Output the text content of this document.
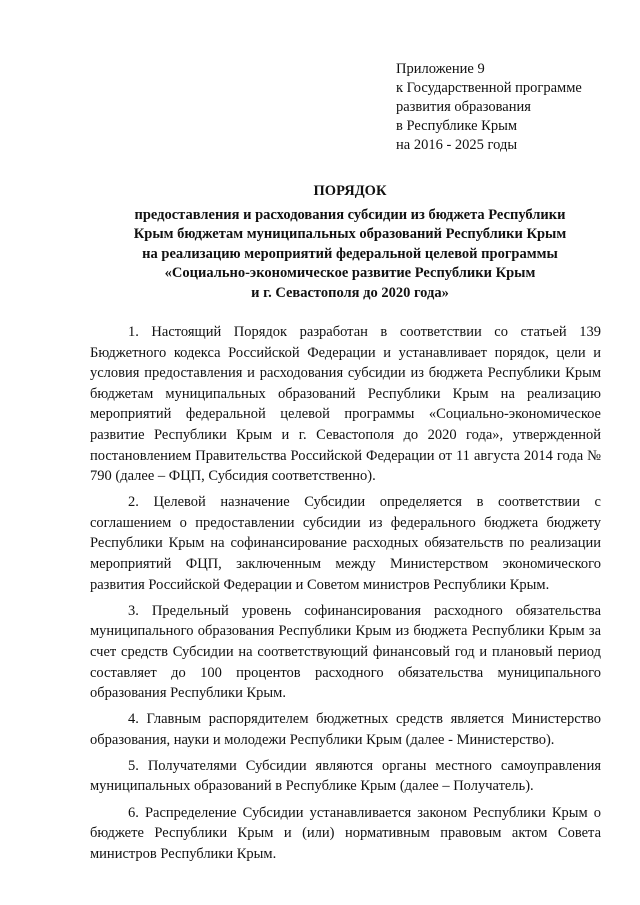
Приложение 9
к Государственной программе
развития образования
в Республике Крым
на 2016 - 2025 годы
ПОРЯДОК
предоставления и расходования субсидии из бюджета Республики
Крым бюджетам муниципальных образований Республики Крым
на реализацию мероприятий федеральной целевой программы
«Социально-экономическое развитие Республики Крым
и г. Севастополя до 2020 года»

1. Настоящий Порядок разработан в соответствии со статьей 139 Бюджетного кодекса Российской Федерации и устанавливает порядок, цели и условия предоставления и расходования субсидии из бюджета Республики Крым бюджетам муниципальных образований Республики Крым на реализацию мероприятий федеральной целевой программы «Социально-экономическое развитие Республики Крым и г. Севастополя до 2020 года», утвержденной постановлением Правительства Российской Федерации от 11 августа 2014 года № 790 (далее – ФЦП, Субсидия соответственно).

2. Целевой назначение Субсидии определяется в соответствии с соглашением о предоставлении субсидии из федерального бюджета бюджету Республики Крым на софинансирование расходных обязательств по реализации мероприятий ФЦП, заключенным между Министерством экономического развития Российской Федерации и Советом министров Республики Крым.

3. Предельный уровень софинансирования расходного обязательства муниципального образования Республики Крым из бюджета Республики Крым за счет средств Субсидии на соответствующий финансовый год и плановый период составляет до 100 процентов расходного обязательства муниципального образования Республики Крым.

4. Главным распорядителем бюджетных средств является Министерство образования, науки и молодежи Республики Крым (далее - Министерство).

5. Получателями Субсидии являются органы местного самоуправления муниципальных образований в Республике Крым (далее – Получатель).

6. Распределение Субсидии устанавливается законом Республики Крым о бюджете Республики Крым и (или) нормативным правовым актом Совета министров Республики Крым.
